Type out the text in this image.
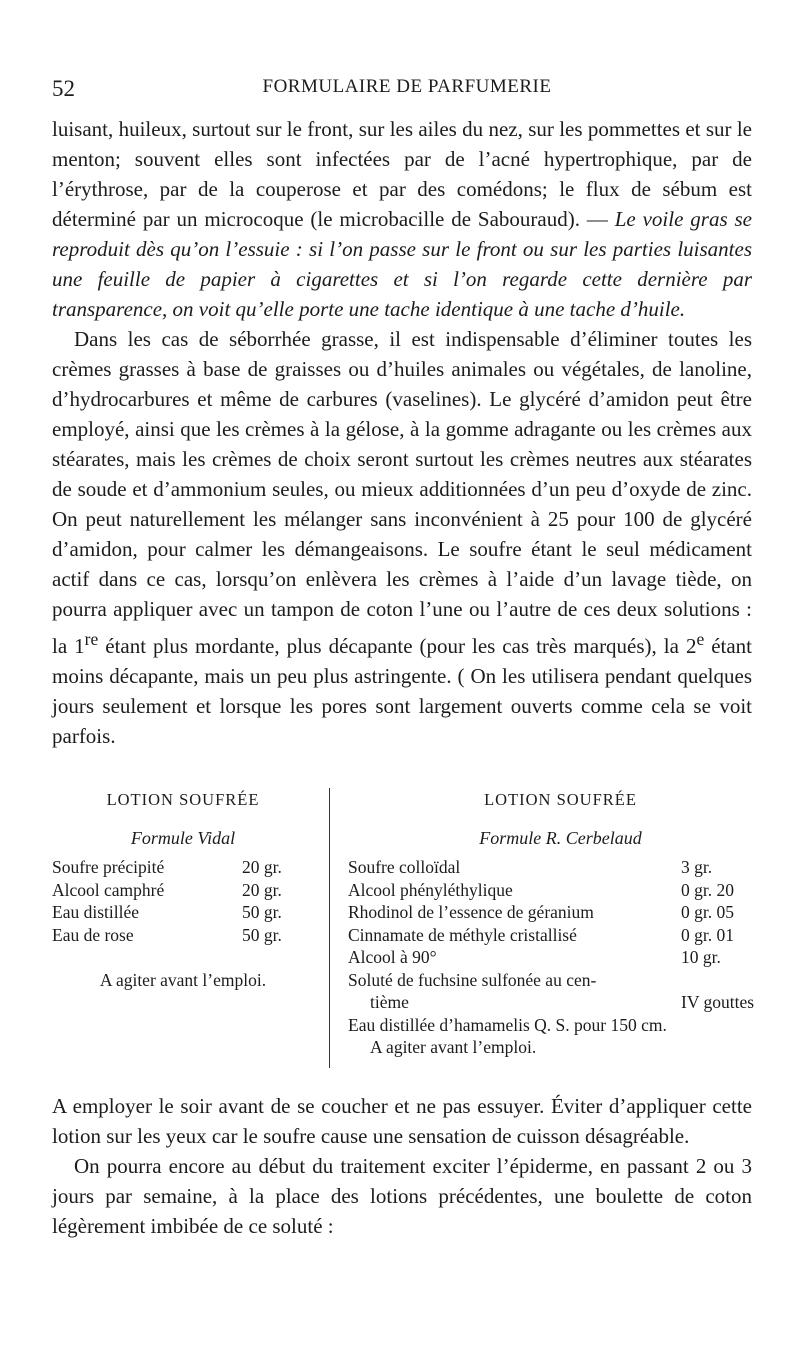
52	FORMULAIRE DE PARFUMERIE

luisant, huileux, surtout sur le front, sur les ailes du nez, sur les pommettes et sur le menton; souvent elles sont infectées par de l’acné hypertrophique, par de l’érythrose, par de la couperose et par des comédons; le flux de sébum est déterminé par un microcoque (le microbacille de Sabouraud). — Le voile gras se reproduit dès qu’on l’essuie : si l’on passe sur le front ou sur les parties luisantes une feuille de papier à cigarettes et si l’on regarde cette dernière par transparence, on voit qu’elle porte une tache identique à une tache d’huile.

Dans les cas de séborrhée grasse, il est indispensable d’éliminer toutes les crèmes grasses à base de graisses ou d’huiles animales ou végétales, de lanoline, d’hydrocarbures et même de carbures (vaselines). Le glycéré d’amidon peut être employé, ainsi que les crèmes à la gélose, à la gomme adragante ou les crèmes aux stéarates, mais les crèmes de choix seront surtout les crèmes neutres aux stéarates de soude et d’ammonium seules, ou mieux additionnées d’un peu d’oxyde de zinc. On peut naturellement les mélanger sans inconvénient à 25 pour 100 de glycéré d’amidon, pour calmer les démangeaisons. Le soufre étant le seul médicament actif dans ce cas, lorsqu’on enlèvera les crèmes à l’aide d’un lavage tiède, on pourra appliquer avec un tampon de coton l’une ou l’autre de ces deux solutions : la 1re étant plus mordante, plus décapante (pour les cas très marqués), la 2e étant moins décapante, mais un peu plus astringente. ( On les utilisera pendant quelques jours seulement et lorsque les pores sont largement ouverts comme cela se voit parfois.

LOTION SOUFRÉE
Formule Vidal
Soufre précipité	20 gr.
Alcool camphré	20 gr.
Eau distillée	50 gr.
Eau de rose	50 gr.
A agiter avant l’emploi.
LOTION SOUFRÉE
Formule R. Cerbelaud
Soufre colloïdal	3 gr.
Alcool phényléthylique	0 gr. 20
Rhodinol de l’essence de géranium	0 gr. 05
Cinnamate de méthyle cristallisé	0 gr. 01
Alcool à 90°	10 gr.
Soluté de fuchsine sulfonée au cen-
tième	IV gouttes
Eau distillée d’hamamelis Q. S. pour 150 cm.
A agiter avant l’emploi.

A employer le soir avant de se coucher et ne pas essuyer. Éviter d’appliquer cette lotion sur les yeux car le soufre cause une sensation de cuisson désagréable.

On pourra encore au début du traitement exciter l’épiderme, en passant 2 ou 3 jours par semaine, à la place des lotions précédentes, une boulette de coton légèrement imbibée de ce soluté :
